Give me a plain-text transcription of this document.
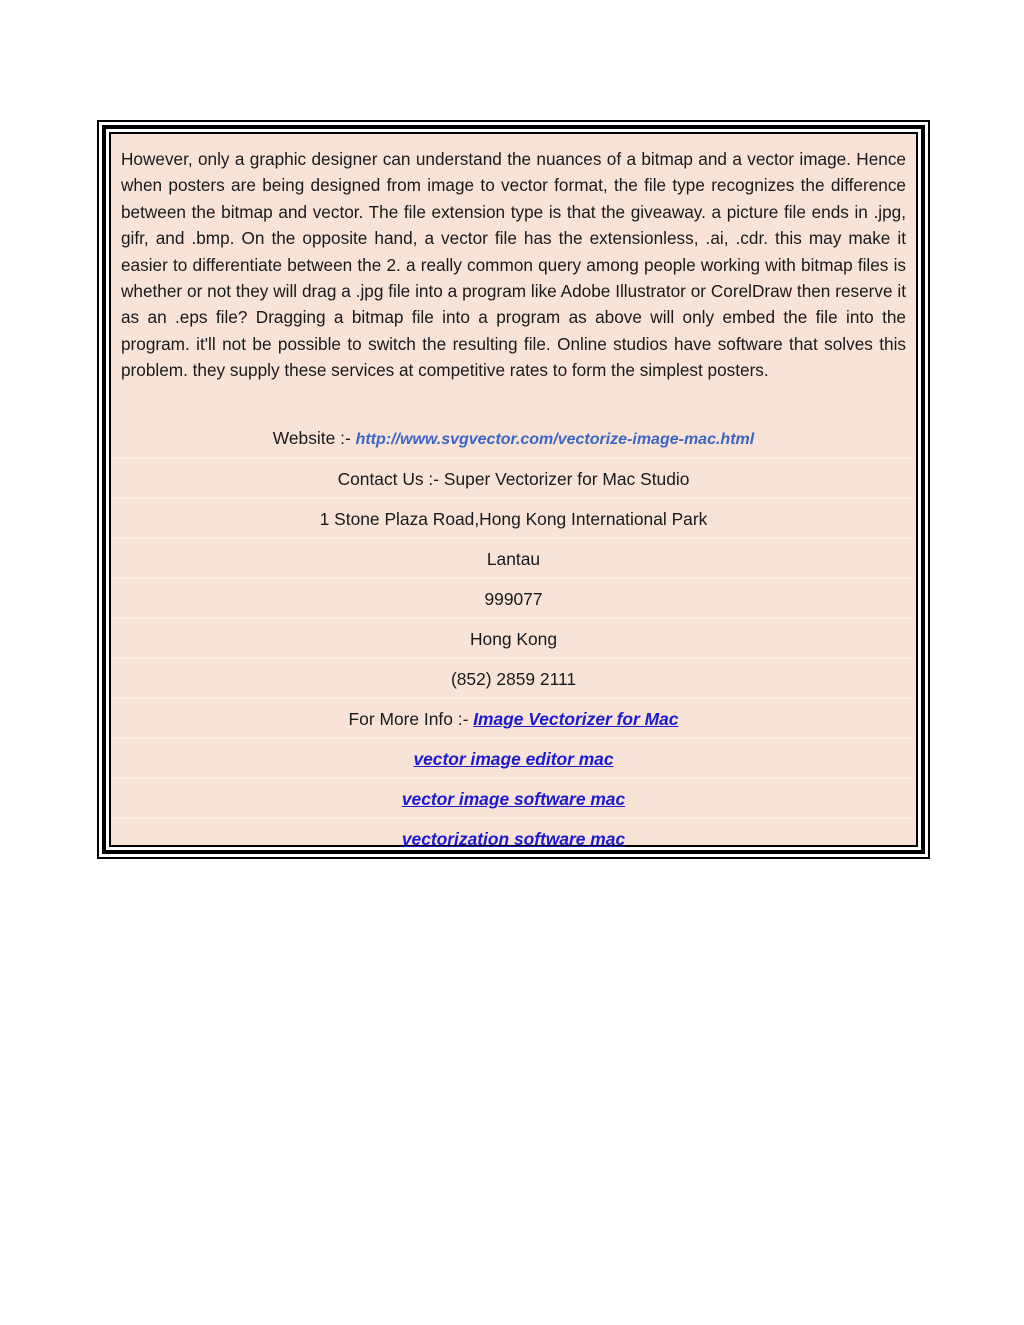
However, only a graphic designer can understand the nuances of a bitmap and a vector image. Hence when posters are being designed from image to vector format, the file type recognizes the difference between the bitmap and vector. The file extension type is that the giveaway. a picture file ends in .jpg, gifr, and .bmp. On the opposite hand, a vector file has the extensionless, .ai, .cdr. this may make it easier to differentiate between the 2. a really common query among people working with bitmap files is whether or not they will drag a .jpg file into a program like Adobe Illustrator or CorelDraw then reserve it as an .eps file? Dragging a bitmap file into a program as above will only embed the file into the program. it'll not be possible to switch the resulting file. Online studios have software that solves this problem. they supply these services at competitive rates to form the simplest posters.

Website :- http://www.svgvector.com/vectorize-image-mac.html
Contact Us :- Super Vectorizer for Mac Studio
1 Stone Plaza Road,Hong Kong International Park
Lantau
999077
Hong Kong
(852) 2859 2111
For More Info :- Image Vectorizer for Mac
vector image editor mac
vector image software mac
vectorization software mac
